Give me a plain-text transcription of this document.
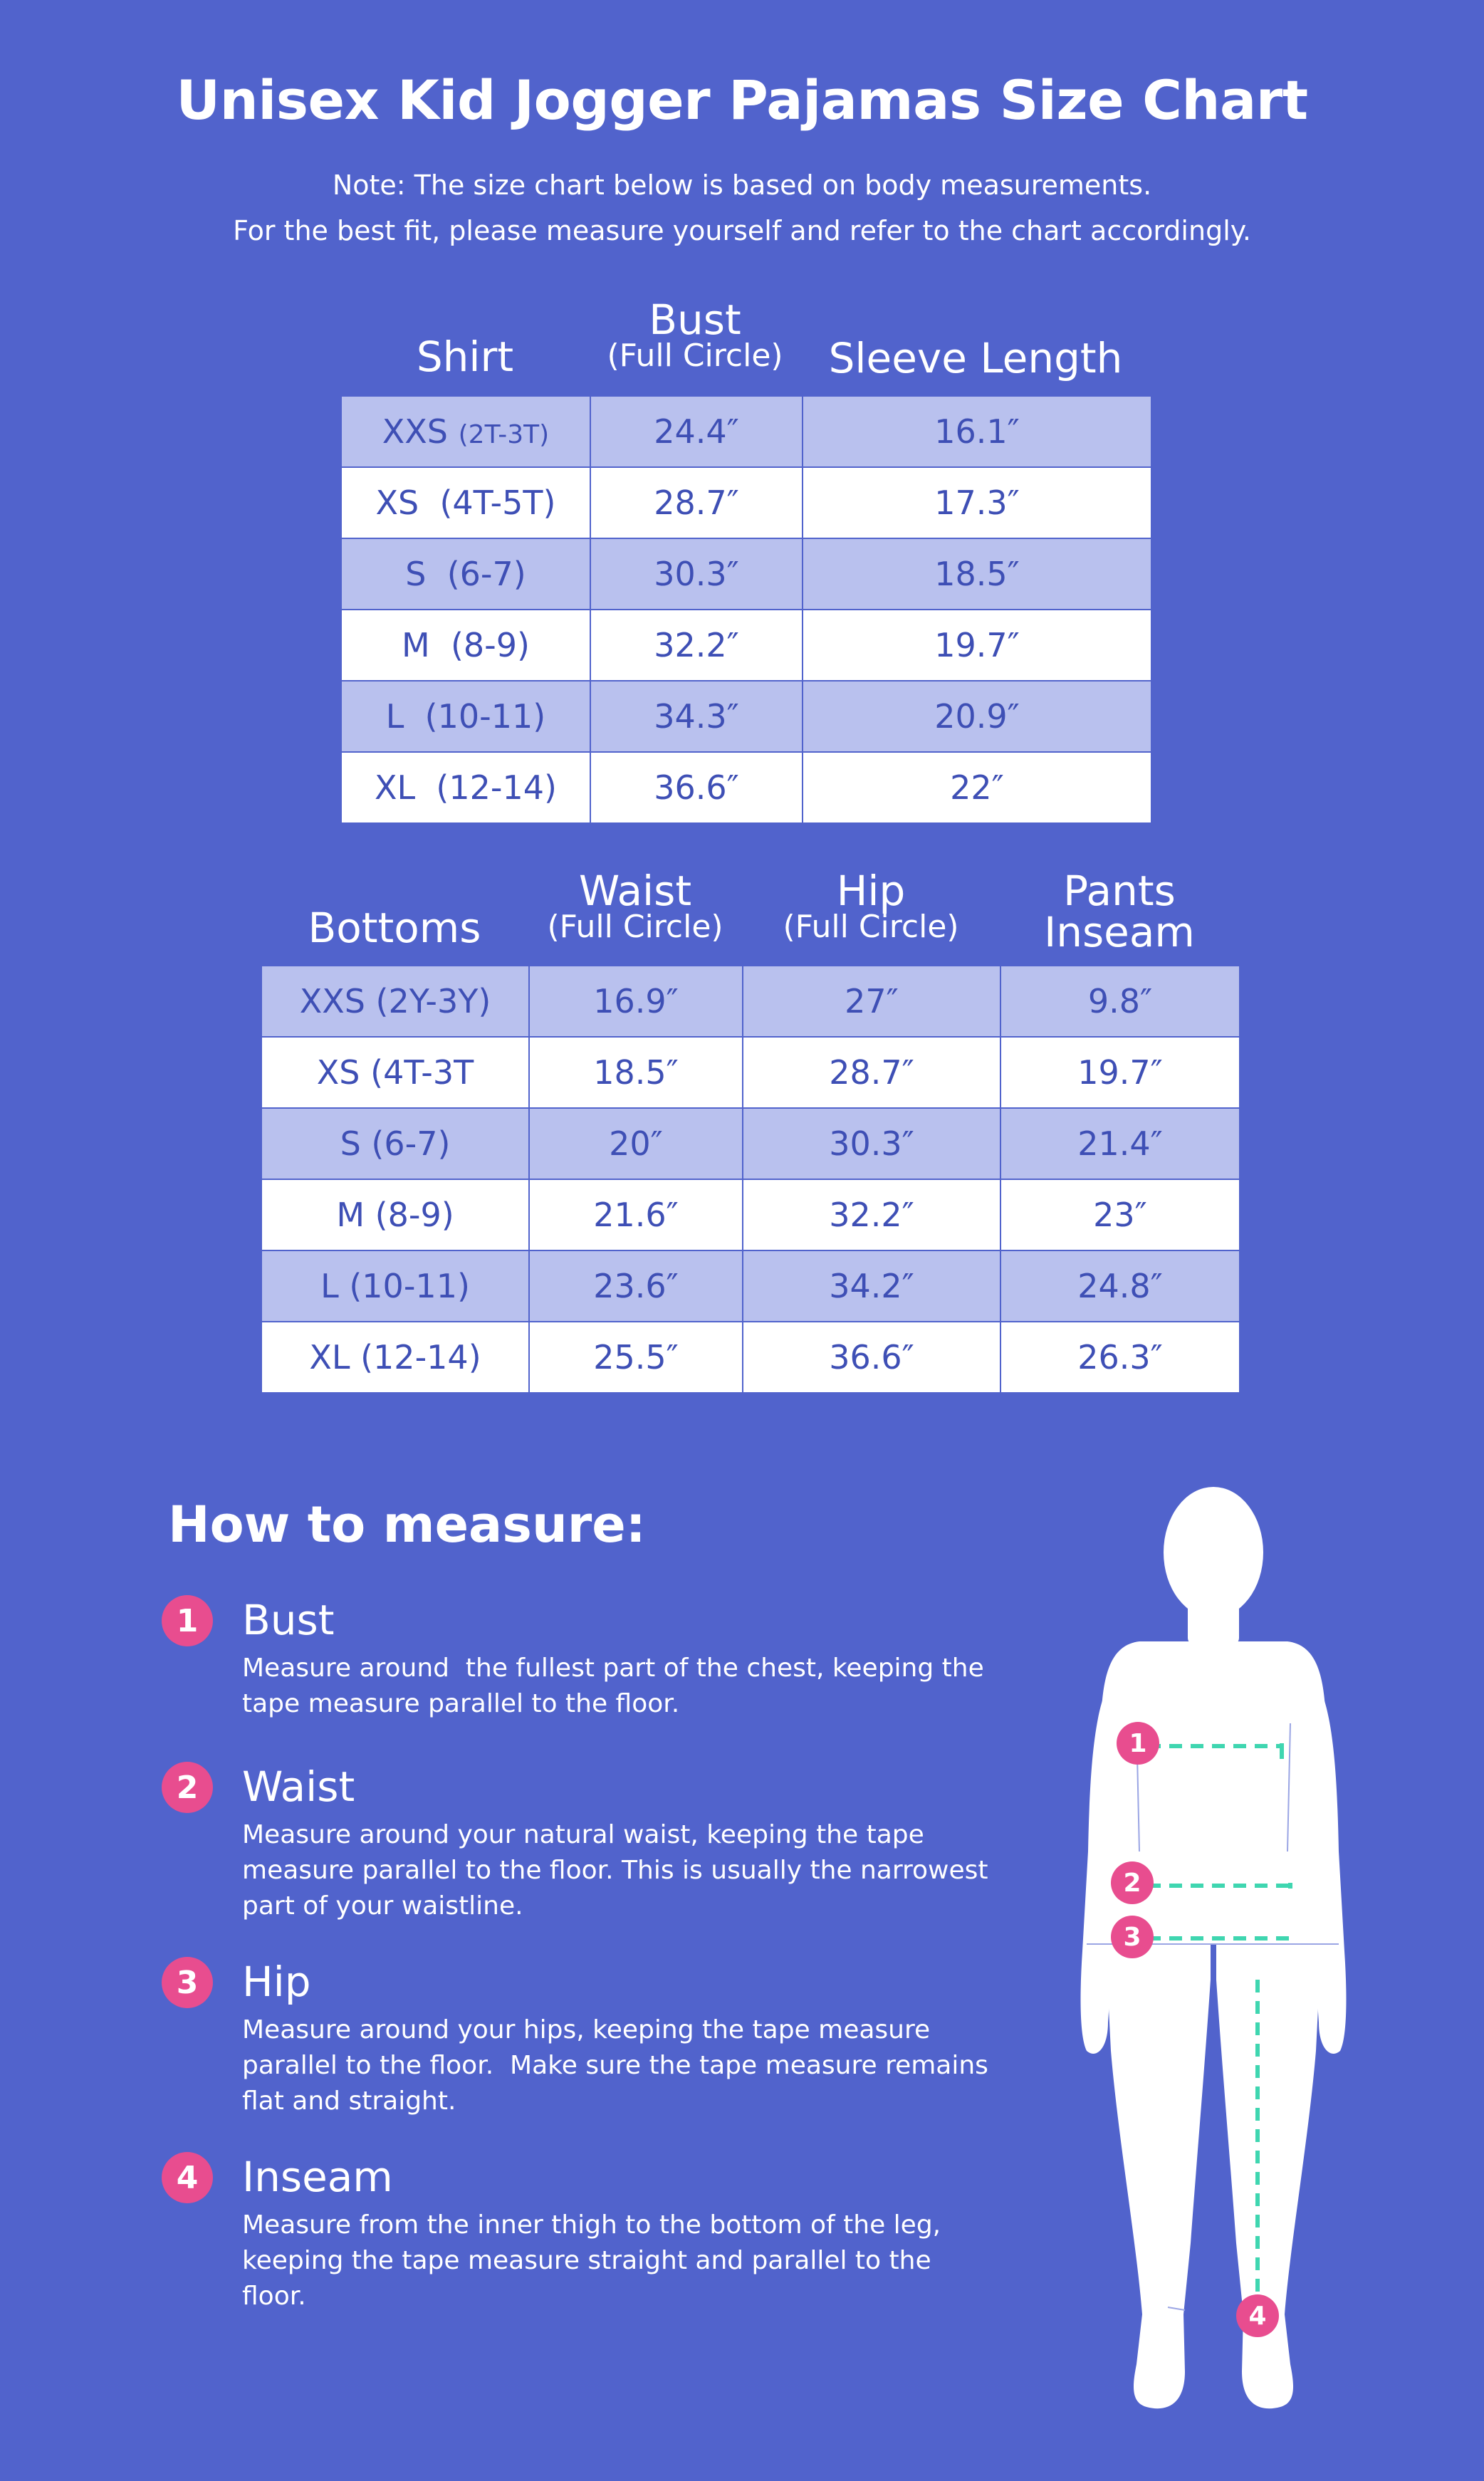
Unisex Kid Jogger Pajamas Size Chart
Note: The size chart below is based on body measurements.
For the best fit, please measure yourself and refer to the chart accordingly.
Shirt
Bust
(Full Circle)	Sleeve Length
XXS (2T-3T)	24.4″	16.1″
XS  (4T-5T)	28.7″	17.3″
S  (6-7)	30.3″	18.5″
M  (8-9)	32.2″	19.7″
L  (10-11)	34.3″	20.9″
XL  (12-14)	36.6″	22″
Bottoms
Waist
(Full Circle)
Hip
(Full Circle)
Pants
Inseam
XXS (2Y-3Y)	16.9″	27″	9.8″
XS (4T-3T	18.5″	28.7″	19.7″
S (6-7)	20″	30.3″	21.4″
M (8-9)	21.6″	32.2″	23″
L (10-11)	23.6″	34.2″	24.8″
XL (12-14)	25.5″	36.6″	26.3″
How to measure:
1	Bust
Measure around  the fullest part of the chest, keeping the
tape measure parallel to the floor.
2	Waist
Measure around your natural waist, keeping the tape
measure parallel to the floor. This is usually the narrowest
part of your waistline.
3	Hip
Measure around your hips, keeping the tape measure
parallel to the floor.  Make sure the tape measure remains
flat and straight.
4	Inseam
Measure from the inner thigh to the bottom of the leg,
keeping the tape measure straight and parallel to the
floor.
1
2
3
4
